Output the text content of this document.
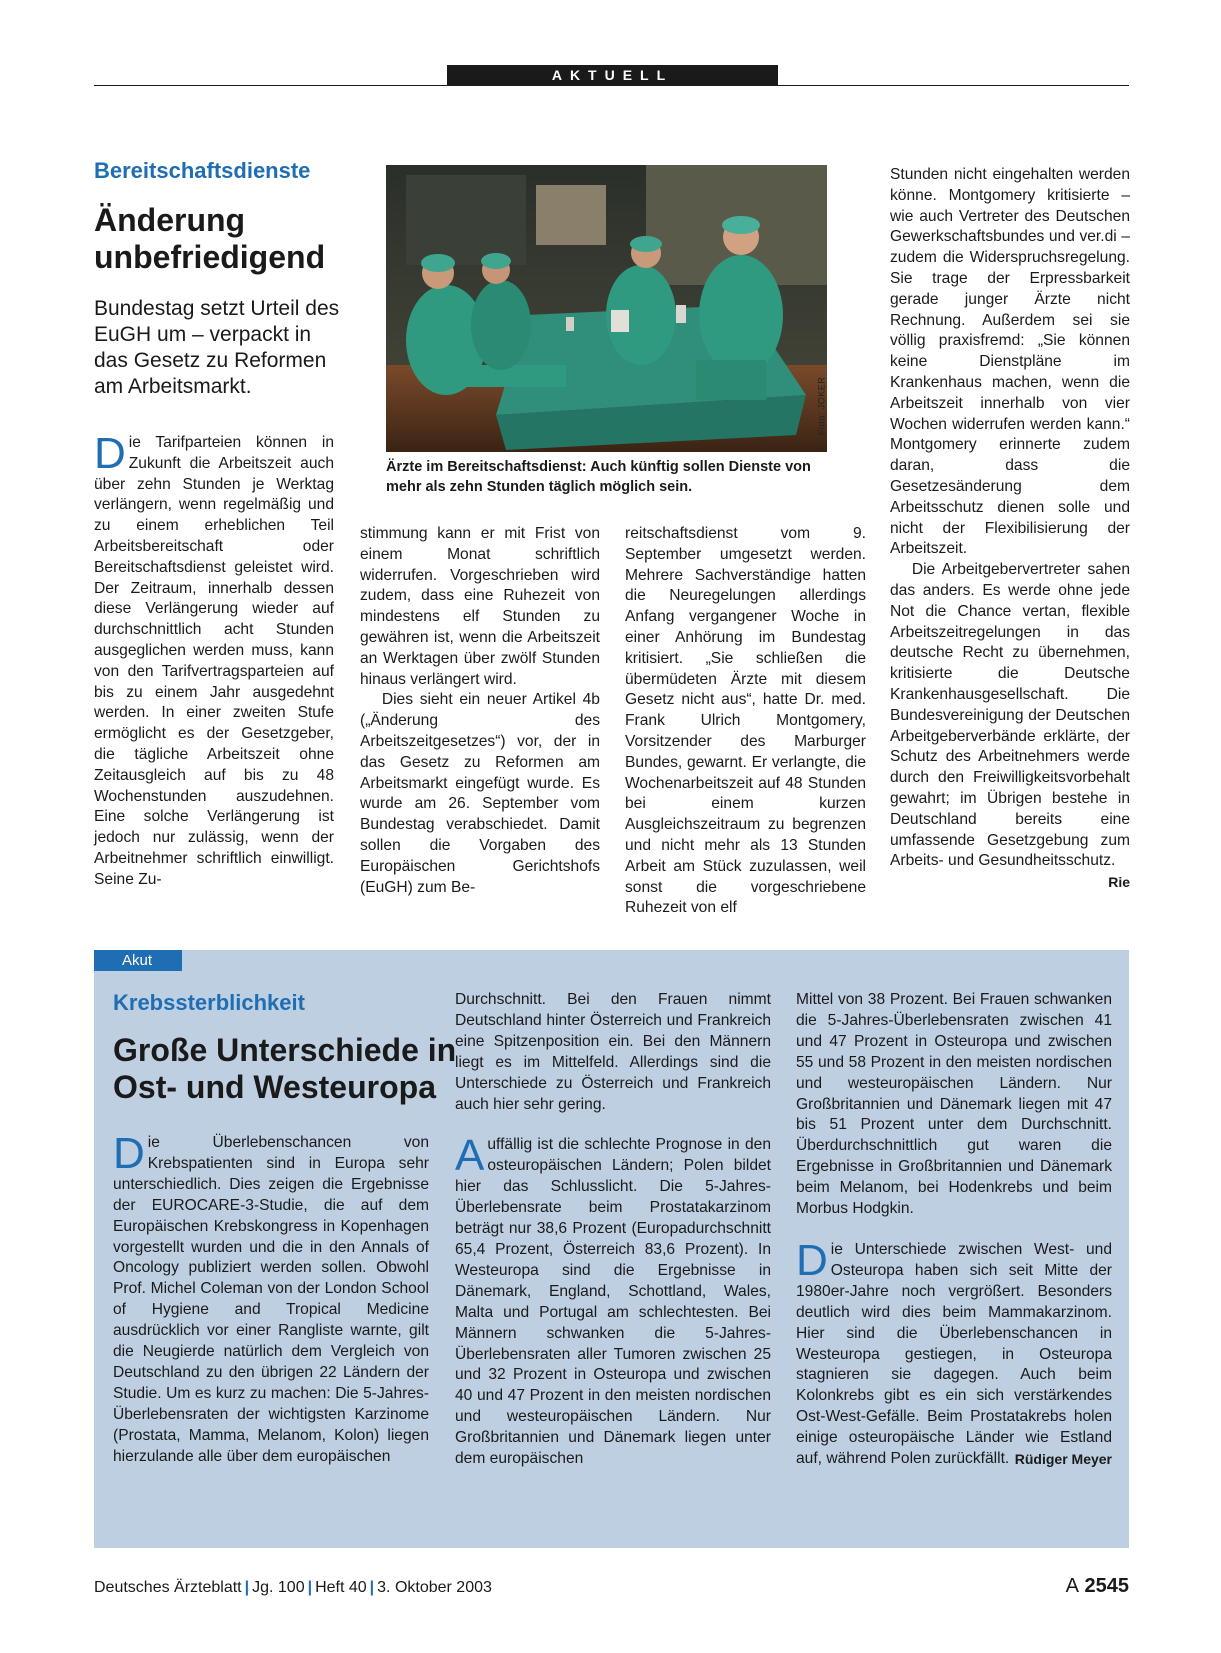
AKTUELL
Bereitschaftsdienste
Änderung
unbefriedigend
Bundestag setzt Urteil des EuGH um – verpackt in das Gesetz zu Reformen am Arbeitsmarkt.

Die Tarifparteien können in Zukunft die Arbeitszeit auch über zehn Stunden je Werktag verlängern, wenn regelmäßig und zu einem erheblichen Teil Arbeitsbereitschaft oder Bereitschaftsdienst geleistet wird. Der Zeitraum, innerhalb dessen diese Verlängerung wieder auf durchschnittlich acht Stunden ausgeglichen werden muss, kann von den Tarifvertragsparteien auf bis zu einem Jahr ausgedehnt werden. In einer zweiten Stufe ermöglicht es der Gesetzgeber, die tägliche Arbeitszeit ohne Zeitausgleich auf bis zu 48 Wochenstunden auszudehnen. Eine solche Verlängerung ist jedoch nur zulässig, wenn der Arbeitnehmer schriftlich einwilligt. Seine Zu-

Foto: JOKER
Ärzte im Bereitschaftsdienst: Auch künftig sollen Dienste von mehr als zehn Stunden täglich möglich sein.

stimmung kann er mit Frist von einem Monat schriftlich widerrufen. Vorgeschrieben wird zudem, dass eine Ruhezeit von mindestens elf Stunden zu gewähren ist, wenn die Arbeitszeit an Werktagen über zwölf Stunden hinaus verlängert wird.

Dies sieht ein neuer Artikel 4b („Änderung des Arbeitszeitgesetzes“) vor, der in das Gesetz zu Reformen am Arbeitsmarkt eingefügt wurde. Es wurde am 26. September vom Bundestag verabschiedet. Damit sollen die Vorgaben des Europäischen Gerichtshofs (EuGH) zum Be-

reitschaftsdienst vom 9. September umgesetzt werden. Mehrere Sachverständige hatten die Neuregelungen allerdings Anfang vergangener Woche in einer Anhörung im Bundestag kritisiert. „Sie schließen die übermüdeten Ärzte mit diesem Gesetz nicht aus“, hatte Dr. med. Frank Ulrich Montgomery, Vorsitzender des Marburger Bundes, gewarnt. Er verlangte, die Wochenarbeitszeit auf 48 Stunden bei einem kurzen Ausgleichszeitraum zu begrenzen und nicht mehr als 13 Stunden Arbeit am Stück zuzulassen, weil sonst die vorgeschriebene Ruhezeit von elf

Stunden nicht eingehalten werden könne. Montgomery kritisierte – wie auch Vertreter des Deutschen Gewerkschaftsbundes und ver.di – zudem die Widerspruchsregelung. Sie trage der Erpressbarkeit gerade junger Ärzte nicht Rechnung. Außerdem sei sie völlig praxisfremd: „Sie können keine Dienstpläne im Krankenhaus machen, wenn die Arbeitszeit innerhalb von vier Wochen widerrufen werden kann.“ Montgomery erinnerte zudem daran, dass die Gesetzesänderung dem Arbeitsschutz dienen solle und nicht der Flexibilisierung der Arbeitszeit.

Die Arbeitgebervertreter sahen das anders. Es werde ohne jede Not die Chance vertan, flexible Arbeitszeitregelungen in das deutsche Recht zu übernehmen, kritisierte die Deutsche Krankenhausgesellschaft. Die Bundesvereinigung der Deutschen Arbeitgeberverbände erklärte, der Schutz des Arbeitnehmers werde durch den Freiwilligkeitsvorbehalt gewahrt; im Übrigen bestehe in Deutschland bereits eine umfassende Gesetzgebung zum Arbeits- und Gesundheitsschutz.
Rie

Akut
Krebssterblichkeit
Große Unterschiede in
Ost- und Westeuropa

Die Überlebenschancen von Krebspatienten sind in Europa sehr unterschiedlich. Dies zeigen die Ergebnisse der EUROCARE-3-Studie, die auf dem Europäischen Krebskongress in Kopenhagen vorgestellt wurden und die in den Annals of Oncology publiziert werden sollen. Obwohl Prof. Michel Coleman von der London School of Hygiene and Tropical Medicine ausdrücklich vor einer Rangliste warnte, gilt die Neugierde natürlich dem Vergleich von Deutschland zu den übrigen 22 Ländern der Studie. Um es kurz zu machen: Die 5-Jahres-Überlebensraten der wichtigsten Karzinome (Prostata, Mamma, Melanom, Kolon) liegen hierzulande alle über dem europäischen

Durchschnitt. Bei den Frauen nimmt Deutschland hinter Österreich und Frankreich eine Spitzenposition ein. Bei den Männern liegt es im Mittelfeld. Allerdings sind die Unterschiede zu Österreich und Frankreich auch hier sehr gering.

Auffällig ist die schlechte Prognose in den osteuropäischen Ländern; Polen bildet hier das Schlusslicht. Die 5-Jahres-Überlebensrate beim Prostatakarzinom beträgt nur 38,6 Prozent (Europadurchschnitt 65,4 Prozent, Österreich 83,6 Prozent). In Westeuropa sind die Ergebnisse in Dänemark, England, Schottland, Wales, Malta und Portugal am schlechtesten. Bei Männern schwanken die 5-Jahres-Überlebensraten aller Tumoren zwischen 25 und 32 Prozent in Osteuropa und zwischen 40 und 47 Prozent in den meisten nordischen und westeuropäischen Ländern. Nur Großbritannien und Dänemark liegen unter dem europäischen

Mittel von 38 Prozent. Bei Frauen schwanken die 5-Jahres-Überlebensraten zwischen 41 und 47 Prozent in Osteuropa und zwischen 55 und 58 Prozent in den meisten nordischen und westeuropäischen Ländern. Nur Großbritannien und Dänemark liegen mit 47 bis 51 Prozent unter dem Durchschnitt. Überdurchschnittlich gut waren die Ergebnisse in Großbritannien und Dänemark beim Melanom, bei Hodenkrebs und beim Morbus Hodgkin.

Die Unterschiede zwischen West- und Osteuropa haben sich seit Mitte der 1980er-Jahre noch vergrößert. Besonders deutlich wird dies beim Mammakarzinom. Hier sind die Überlebenschancen in Westeuropa gestiegen, in Osteuropa stagnieren sie dagegen. Auch beim Kolonkrebs gibt es ein sich verstärkendes Ost-West-Gefälle. Beim Prostatakrebs holen einige osteuropäische Länder wie Estland auf, während Polen zurückfällt. Rüdiger Meyer

Deutsches Ärzteblatt | Jg. 100 | Heft 40 | 3. Oktober 2003	A 2545
